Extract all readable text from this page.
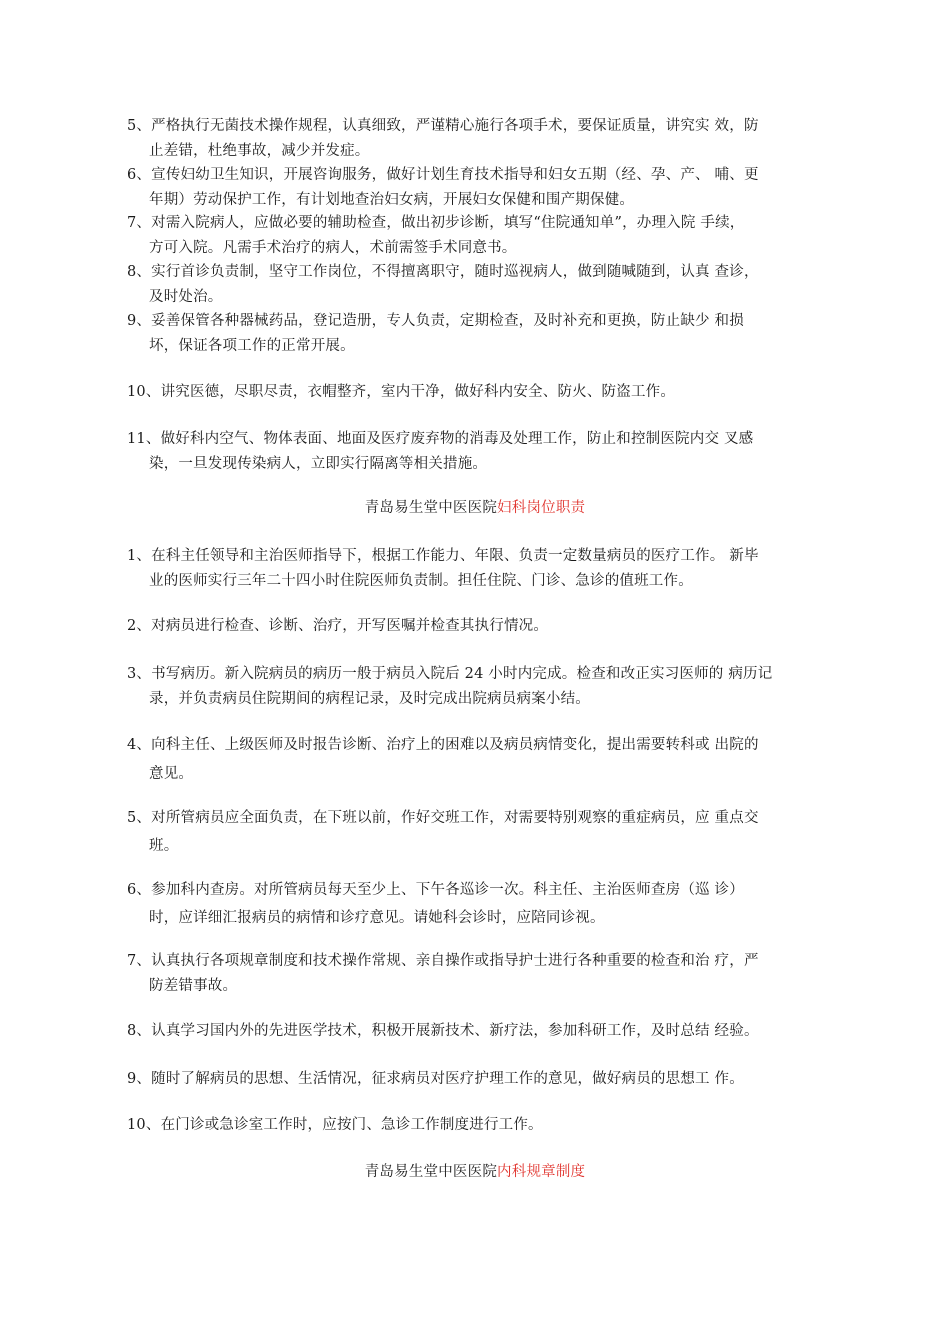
5、严格执行无菌技术操作规程，认真细致，严谨精心施行各项手术，要保证质量，讲究实 效，防
止差错，杜绝事故，减少并发症。
6、宣传妇幼卫生知识，开展咨询服务，做好计划生育技术指导和妇女五期（经、孕、产、 哺、更
年期）劳动保护工作，有计划地查治妇女病，开展妇女保健和围产期保健。
7、对需入院病人，应做必要的辅助检查，做出初步诊断，填写“住院通知单”，办理入院 手续，
方可入院。凡需手术治疗的病人，术前需签手术同意书。
8、实行首诊负责制，坚守工作岗位，不得擅离职守，随时巡视病人，做到随喊随到，认真 查诊，
及时处治。
9、妥善保管各种器械药品，登记造册，专人负责，定期检查，及时补充和更换，防止缺少 和损
坏，保证各项工作的正常开展。
10、讲究医德，尽职尽责，衣帽整齐，室内干净，做好科内安全、防火、防盗工作。
11、做好科内空气、物体表面、地面及医疗废弃物的消毒及处理工作，防止和控制医院内交 叉感
染，一旦发现传染病人，立即实行隔离等相关措施。
青岛易生堂中医医院妇科岗位职责
1、在科主任领导和主治医师指导下，根据工作能力、年限、负责一定数量病员的医疗工作。 新毕
业的医师实行三年二十四小时住院医师负责制。担任住院、门诊、急诊的值班工作。
2、对病员进行检查、诊断、治疗，开写医嘱并检查其执行情况。
3、书写病历。新入院病员的病历一般于病员入院后 24 小时内完成。检查和改正实习医师的 病历记
录，并负责病员住院期间的病程记录，及时完成出院病员病案小结。
4、向科主任、上级医师及时报告诊断、治疗上的困难以及病员病情变化，提出需要转科或 出院的
意见。
5、对所管病员应全面负责，在下班以前，作好交班工作，对需要特别观察的重症病员，应 重点交
班。
6、参加科内查房。对所管病员每天至少上、下午各巡诊一次。科主任、主治医师查房（巡 诊）
时，应详细汇报病员的病情和诊疗意见。请她科会诊时，应陪同诊视。
7、认真执行各项规章制度和技术操作常规、亲自操作或指导护士进行各种重要的检查和治 疗，严
防差错事故。
8、认真学习国内外的先进医学技术，积极开展新技术、新疗法，参加科研工作，及时总结 经验。
9、随时了解病员的思想、生活情况，征求病员对医疗护理工作的意见，做好病员的思想工 作。
10、在门诊或急诊室工作时，应按门、急诊工作制度进行工作。
青岛易生堂中医医院内科规章制度
